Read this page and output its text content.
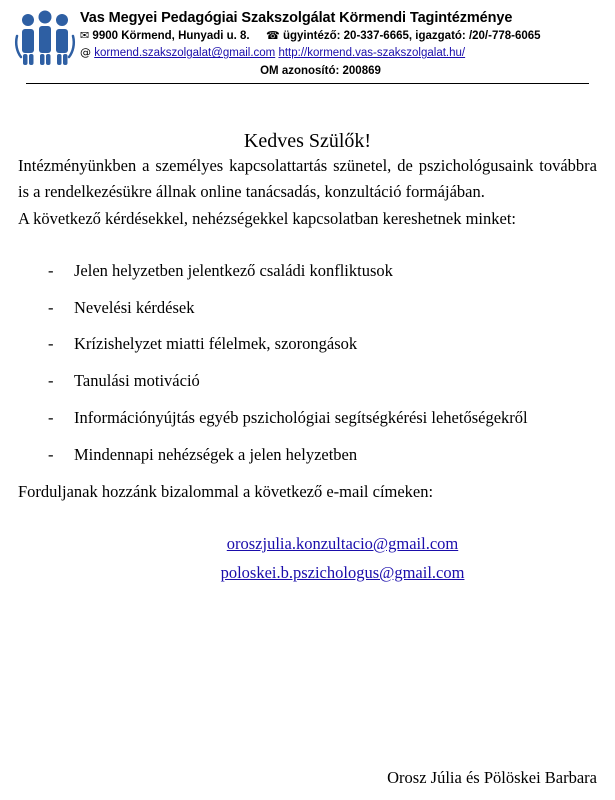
Vas Megyei Pedagógiai Szakszolgálat Körmendi Tagintézménye
✉ 9900 Körmend, Hunyadi u. 8. ☎ ügyintéző: 20-337-6665, igazgató: /20/-778-6065
@ kormend.szakszolgalat@gmail.com http://kormend.vas-szakszolgalat.hu/
OM azonosító: 200869
Kedves Szülők!

Intézményünkben a személyes kapcsolattartás szünetel, de pszichológusaink továbbra is a rendelkezésükre állnak online tanácsadás, konzultáció formájában.

A következő kérdésekkel, nehézségekkel kapcsolatban kereshetnek minket:

- Jelen helyzetben jelentkező családi konfliktusok
- Nevelési kérdések
- Krízishelyzet miatti félelmek, szorongások
- Tanulási motiváció
- Információnyújtás egyéb pszichológiai segítségkérési lehetőségekről
- Mindennapi nehézségek a jelen helyzetben

Forduljanak hozzánk bizalommal a következő e-mail címeken:

oroszjulia.konzultacio@gmail.com
poloskei.b.pszichologus@gmail.com
Orosz Júlia és Pölöskei Barbara
